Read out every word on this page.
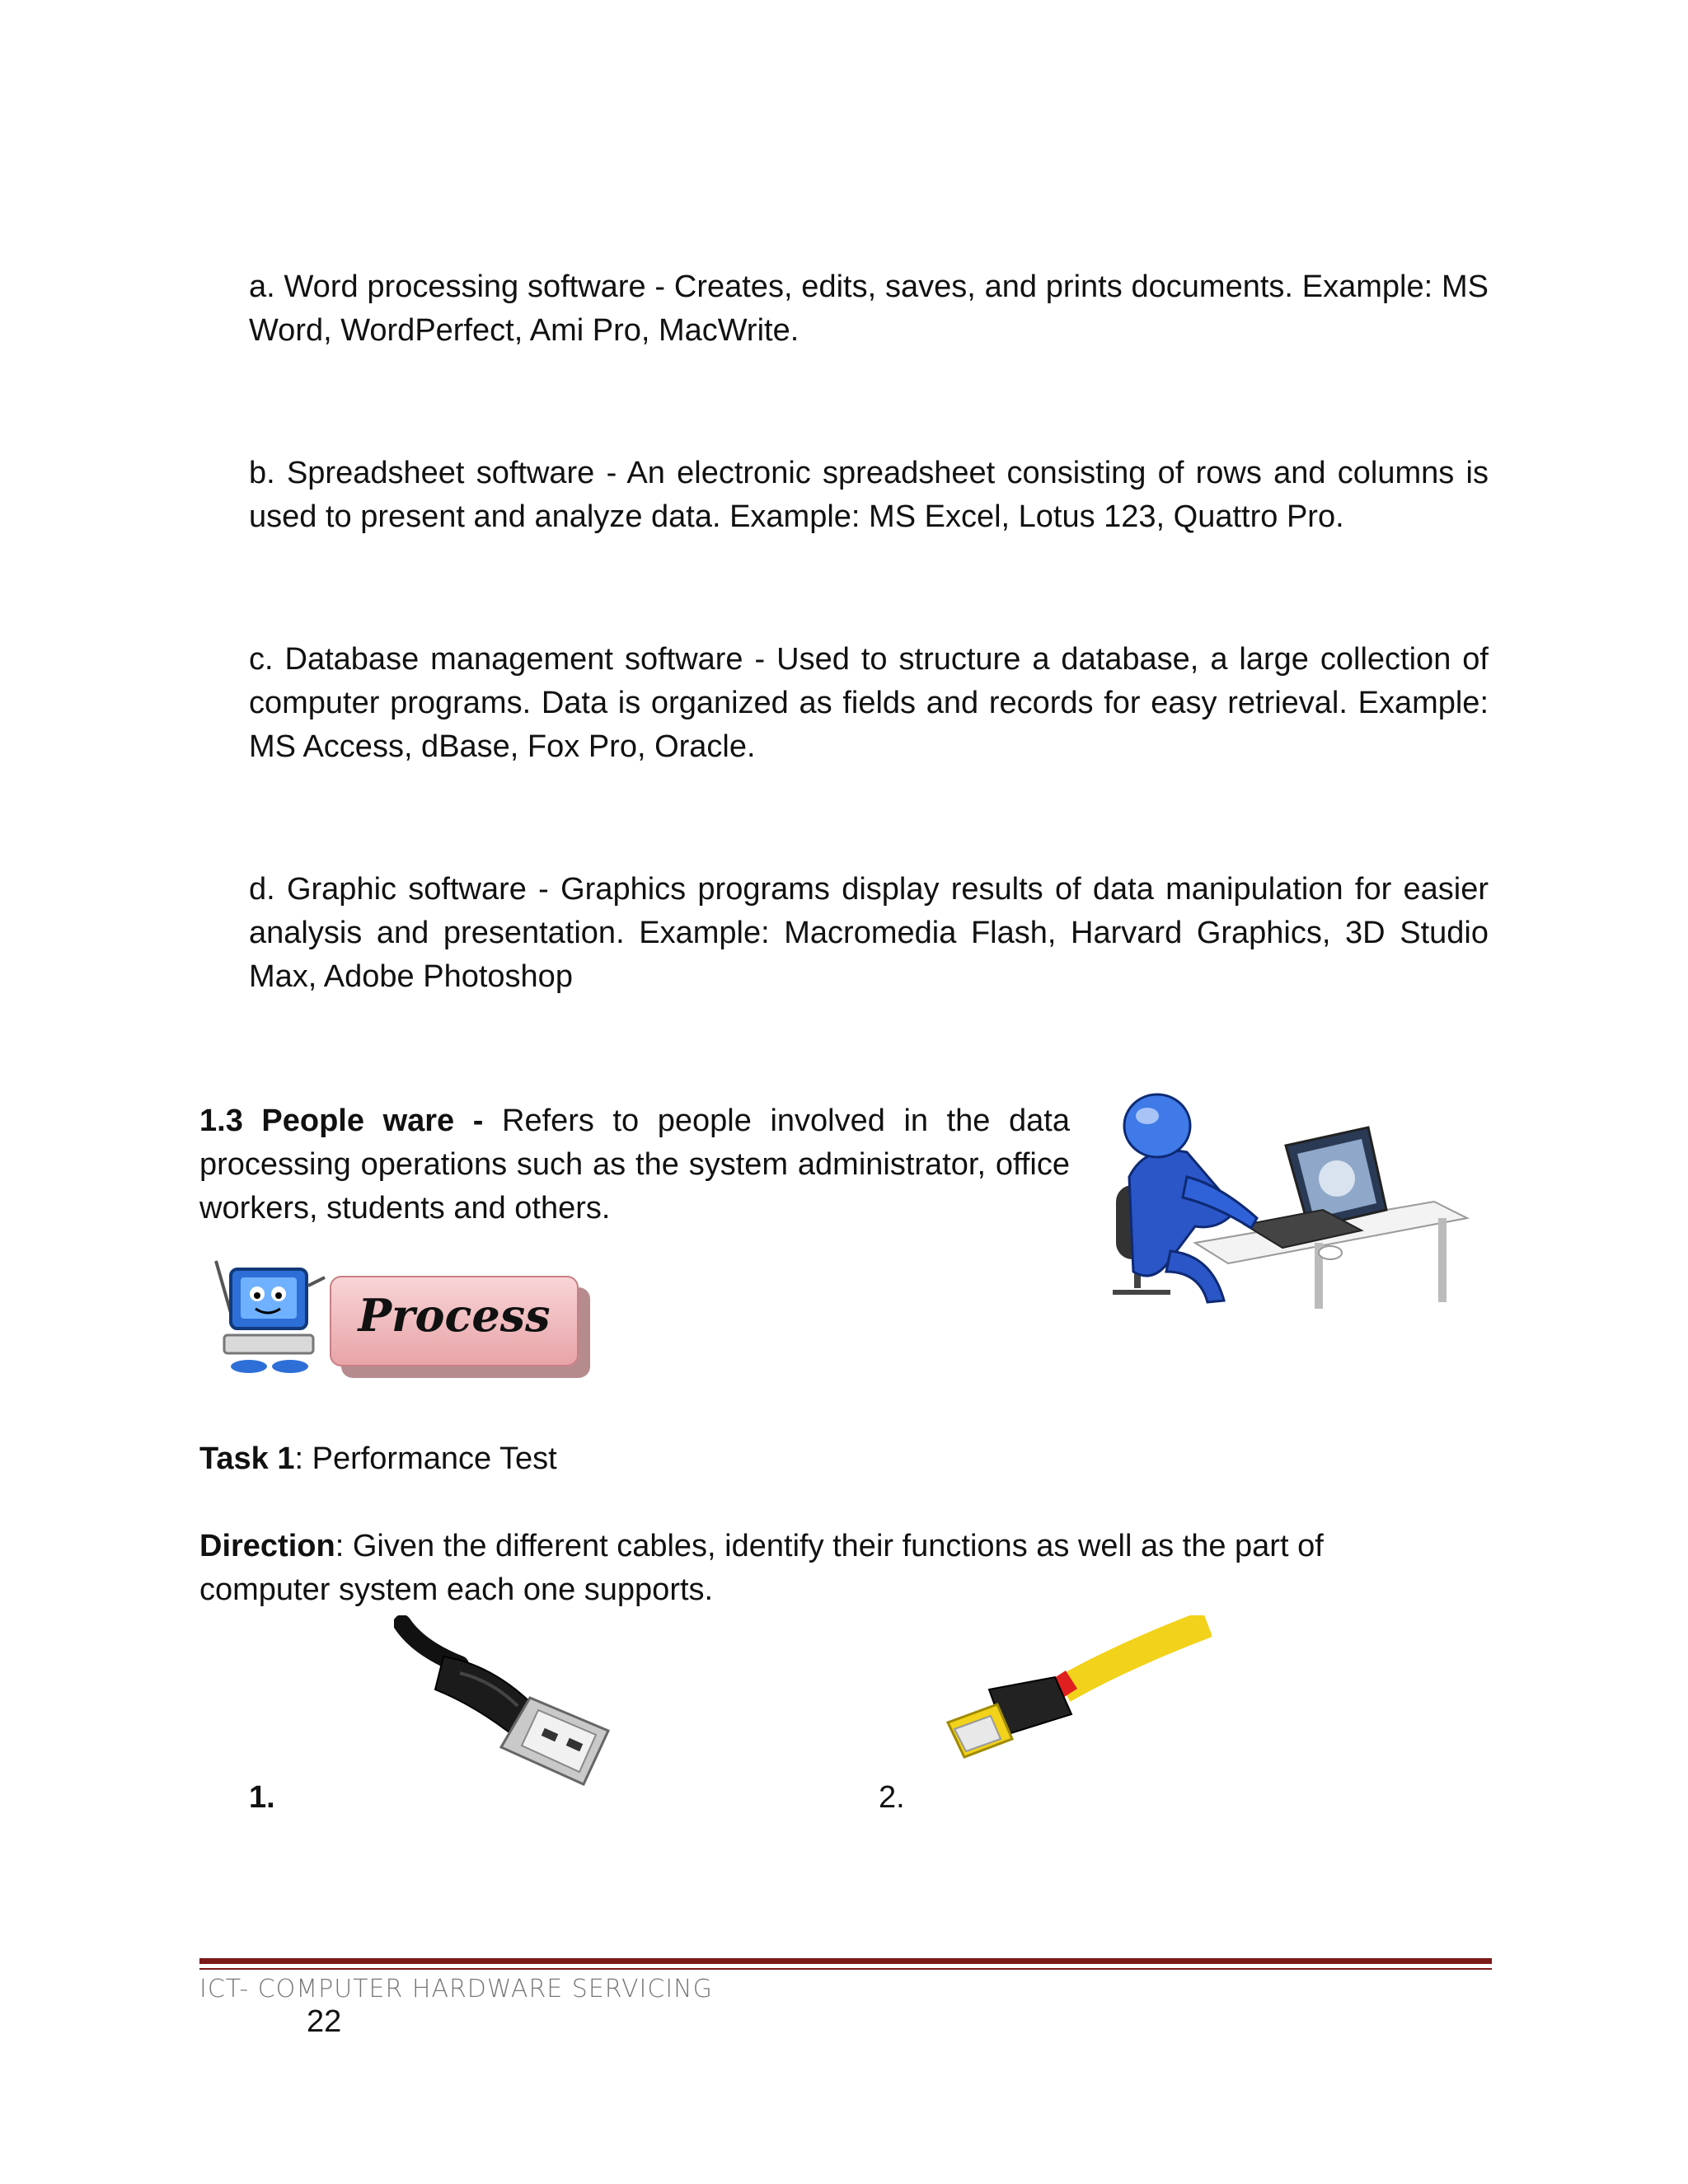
a. Word processing software - Creates, edits, saves, and prints documents. Example: MS Word, WordPerfect, Ami Pro, MacWrite.
b. Spreadsheet software - An electronic spreadsheet consisting of rows and columns is used to present and analyze data. Example: MS Excel, Lotus 123, Quattro Pro.
c. Database management software - Used to structure a database, a large collection of computer programs. Data is organized as fields and records for easy retrieval. Example: MS Access, dBase, Fox Pro, Oracle.
d. Graphic software - Graphics programs display results of data manipulation for easier analysis and presentation. Example: Macromedia Flash, Harvard Graphics, 3D Studio Max, Adobe Photoshop
1.3 People ware - Refers to people involved in the data processing operations such as the system administrator, office workers, students and others.
Process
Task 1: Performance Test
Direction: Given the different cables, identify their functions as well as the part of computer system each one supports.
1.	2.
ICT- COMPUTER HARDWARE SERVICING
22
